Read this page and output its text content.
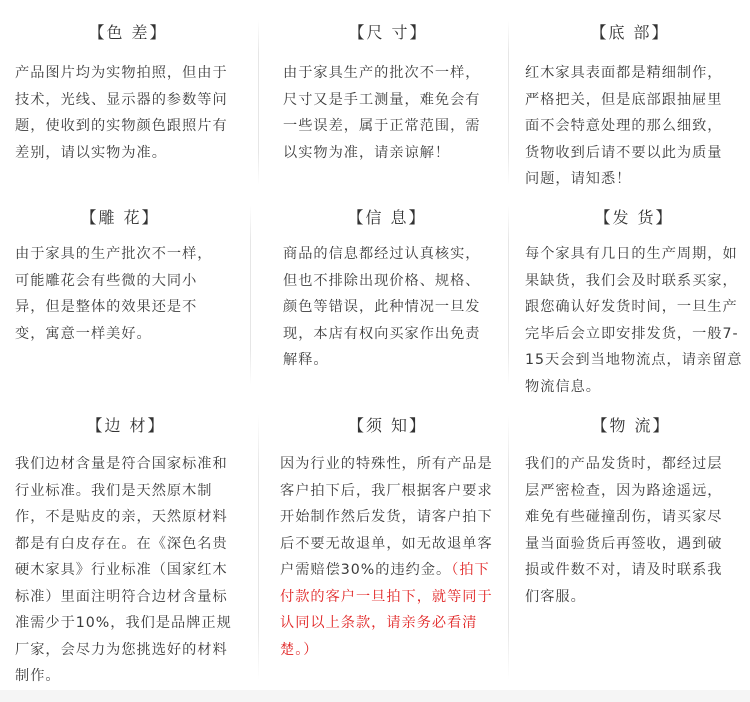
【色 差】
产品图片均为实物拍照，但由于技术，光线、显示器的参数等问题，使收到的实物颜色跟照片有差别，请以实物为准。
【尺 寸】
由于家具生产的批次不一样，尺寸又是手工测量，难免会有一些误差，属于正常范围，需以实物为准，请亲谅解！
【底 部】
红木家具表面都是精细制作，严格把关，但是底部跟抽屉里面不会特意处理的那么细致，货物收到后请不要以此为质量问题，请知悉！
【雕 花】
由于家具的生产批次不一样，可能雕花会有些微的大同小异，但是整体的效果还是不变，寓意一样美好。
【信 息】
商品的信息都经过认真核实，但也不排除出现价格、规格、颜色等错误，此种情况一旦发现，本店有权向买家作出免责解释。
【发 货】
每个家具有几日的生产周期，如果缺货，我们会及时联系买家，跟您确认好发货时间，一旦生产完毕后会立即安排发货，一般7-15天会到当地物流点，请亲留意物流信息。
【边 材】
我们边材含量是符合国家标准和行业标准。我们是天然原木制作，不是贴皮的亲，天然原材料都是有白皮存在。在《深色名贵硬木家具》行业标准（国家红木标准）里面注明符合边材含量标准需少于10%，我们是品牌正规厂家，会尽力为您挑选好的材料制作。
【须 知】
因为行业的特殊性，所有产品是客户拍下后，我厂根据客户要求开始制作然后发货，请客户拍下后不要无故退单，如无故退单客户需赔偿30%的违约金。（拍下付款的客户一旦拍下，就等同于认同以上条款，请亲务必看清楚。）
【物 流】
我们的产品发货时，都经过层层严密检查，因为路途遥远，难免有些碰撞刮伤，请买家尽量当面验货后再签收，遇到破损或件数不对，请及时联系我们客服。
